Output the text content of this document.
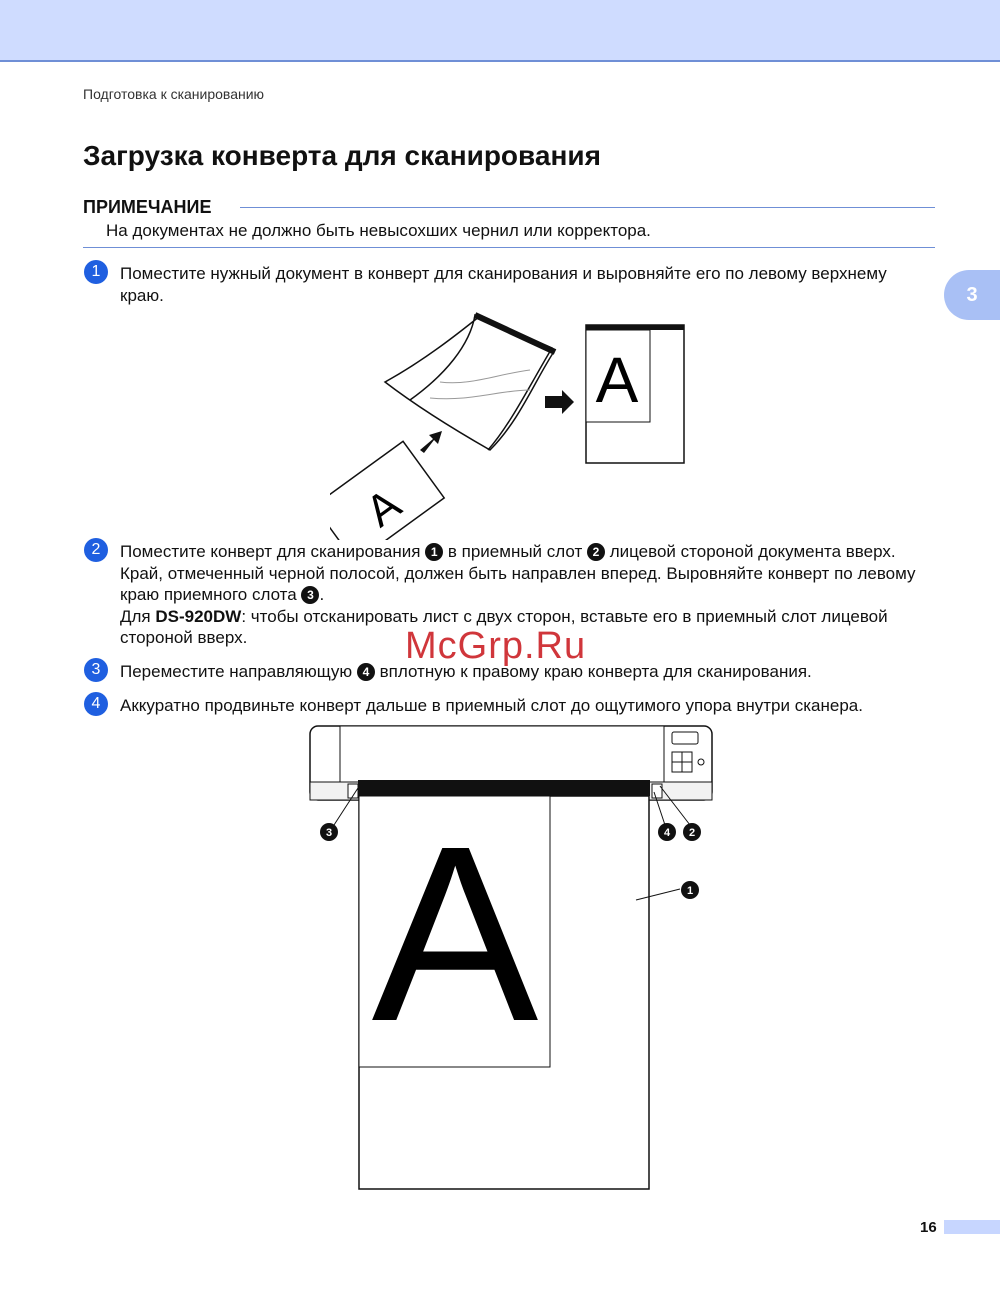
Подготовка к сканированию
Загрузка конверта для сканирования
ПРИМЕЧАНИЕ
На документах не должно быть невысохших чернил или корректора.
3
1	Поместите нужный документ в конверт для сканирования и выровняйте его по левому верхнему краю.
A
A
2	Поместите конверт для сканирования 1 в приемный слот 2 лицевой стороной документа вверх. Край, отмеченный черной полосой, должен быть направлен вперед. Выровняйте конверт по левому краю приемного слота 3 .
Для DS-920DW: чтобы отсканировать лист с двух сторон, вставьте его в приемный слот лицевой стороной вверх.
3	Переместите направляющую 4 вплотную к правому краю конверта для сканирования.
4	Аккуратно продвиньте конверт дальше в приемный слот до ощутимого упора внутри сканера.
McGrp.Ru
A
3	4 2
1
16
